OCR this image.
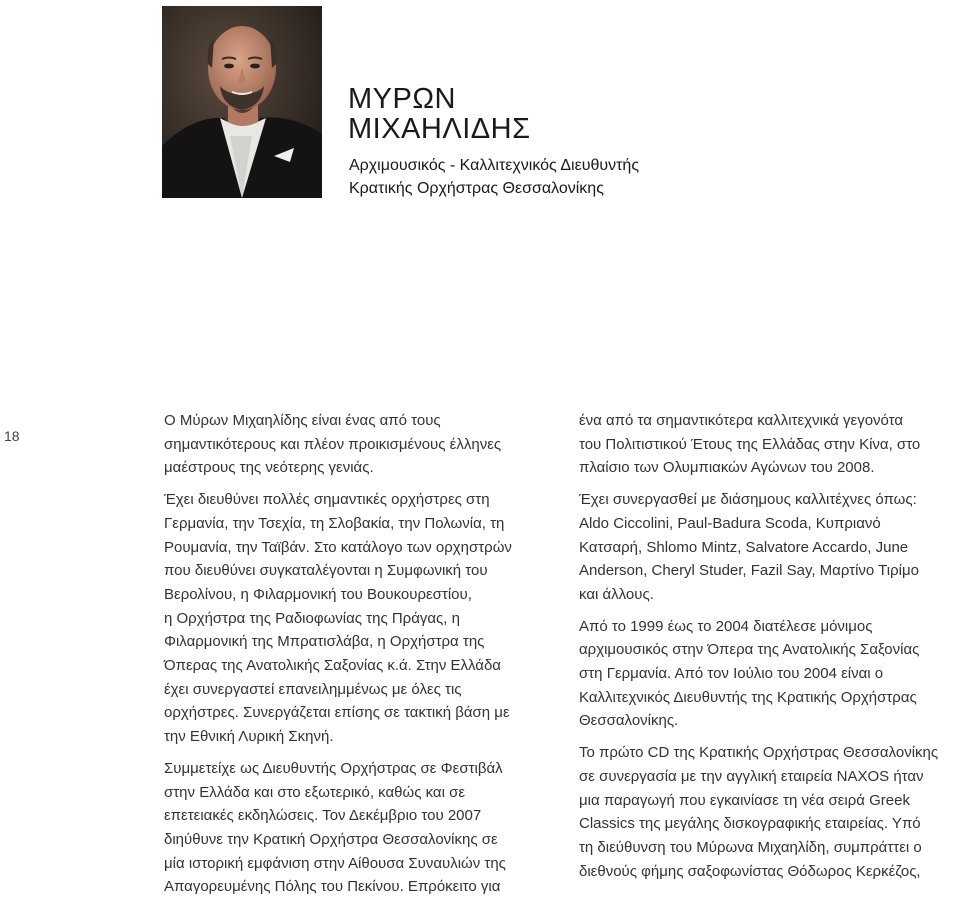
ΜΥΡΩΝ
ΜΙΧΑΗΛΙΔΗΣ
Αρχιμουσικός - Καλλιτεχνικός Διευθυντής
Κρατικής Ορχήστρας Θεσσαλονίκης
18

Ο Μύρων Μιχαηλίδης είναι ένας από τους
σημαντικότερους και πλέον προικισμένους έλληνες
μαέστρους της νεότερης γενιάς.

Έχει διευθύνει πολλές σημαντικές ορχήστρες στη
Γερμανία, την Τσεχία, τη Σλοβακία, την Πολωνία, τη
Ρουμανία, την Ταϊβάν. Στο κατάλογο των ορχηστρών
που διευθύνει συγκαταλέγονται η Συμφωνική του
Βερολίνου, η Φιλαρμονική του Βουκουρεστίου,
η Ορχήστρα της Ραδιοφωνίας της Πράγας, η
Φιλαρμονική της Μπρατισλάβα, η Ορχήστρα της
Όπερας της Ανατολικής Σαξονίας κ.ά. Στην Ελλάδα
έχει συνεργαστεί επανειλημμένως με όλες τις
ορχήστρες. Συνεργάζεται επίσης σε τακτική βάση με
την Εθνική Λυρική Σκηνή.

Συμμετείχε ως Διευθυντής Ορχήστρας σε Φεστιβάλ
στην Ελλάδα και στο εξωτερικό, καθώς και σε
επετειακές εκδηλώσεις. Τον Δεκέμβριο του 2007
διηύθυνε την Κρατική Ορχήστρα Θεσσαλονίκης σε
μία ιστορική εμφάνιση στην Αίθουσα Συναυλιών της
Απαγορευμένης Πόλης του Πεκίνου. Επρόκειτο για

ένα από τα σημαντικότερα καλλιτεχνικά γεγονότα
του Πολιτιστικού Έτους της Ελλάδας στην Κίνα, στο
πλαίσιο των Ολυμπιακών Αγώνων του 2008.

Έχει συνεργασθεί με διάσημους καλλιτέχνες όπως:
Aldo Ciccolini, Paul-Badura Scoda, Κυπριανό
Κατσαρή, Shlomo Mintz, Salvatore Accardo, June
Anderson, Cheryl Studer, Fazil Say, Μαρτίνο Τιρίμο
και άλλους.

Από το 1999 έως το 2004 διατέλεσε μόνιμος
αρχιμουσικός στην Όπερα της Ανατολικής Σαξονίας
στη Γερμανία. Από τον Ιούλιο του 2004 είναι ο
Καλλιτεχνικός Διευθυντής της Κρατικής Ορχήστρας
Θεσσαλονίκης.

Το πρώτο CD της Κρατικής Ορχήστρας Θεσσαλονίκης
σε συνεργασία με την αγγλική εταιρεία NAXOS ήταν
μια παραγωγή που εγκαινίασε τη νέα σειρά Greek
Classics της μεγάλης δισκογραφικής εταιρείας. Υπό
τη διεύθυνση του Μύρωνα Μιχαηλίδη, συμπράττει ο
διεθνούς φήμης σαξοφωνίστας Θόδωρος Κερκέζος,
